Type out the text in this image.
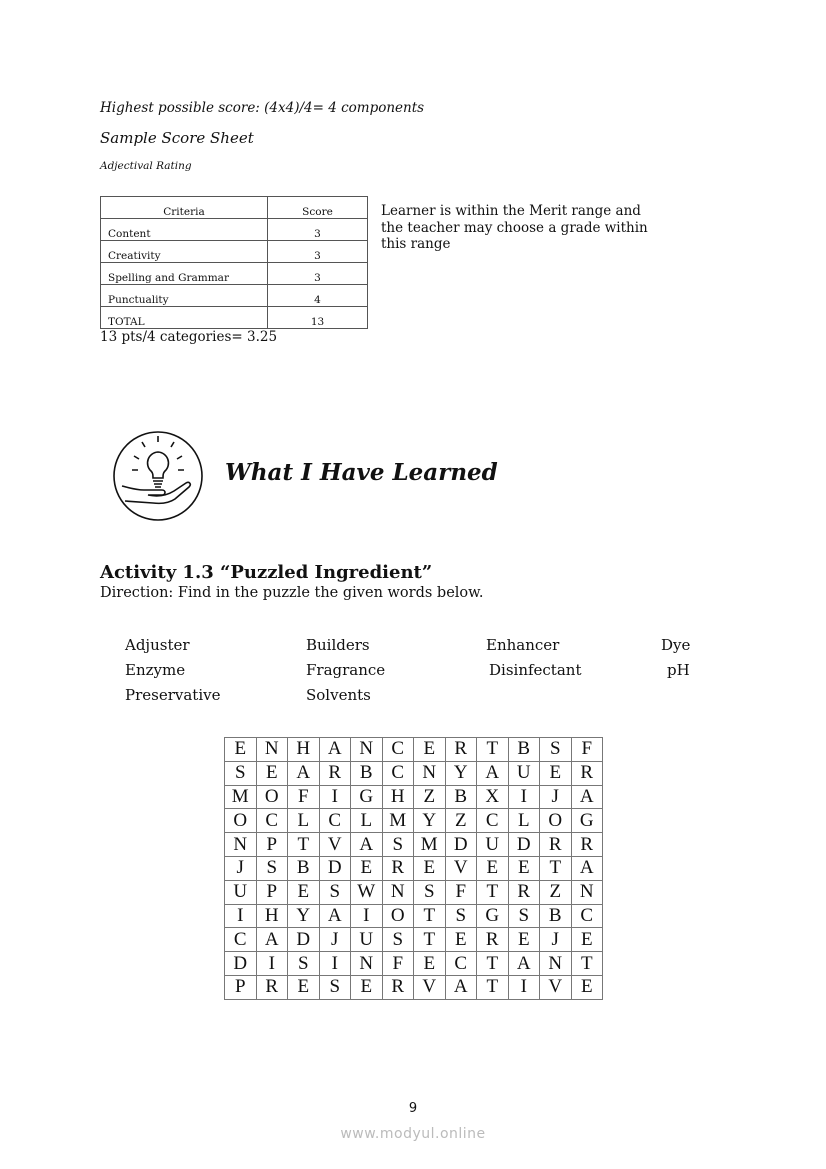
Highest possible score: (4x4)/4= 4 components
Sample Score Sheet
Adjectival Rating
Criteria	Score
Content	3
Creativity	3
Spelling and Grammar	3
Punctuality	4
TOTAL	13
13 pts/4 categories= 3.25
Learner is within the Merit range and the teacher may choose a grade within this range
What I Have Learned
Activity 1.3 “Puzzled Ingredient”
Direction: Find in the puzzle the given words below.
Adjuster	Builders	Enhancer	Dye
Enzyme	Fragrance	Disinfectant	pH
Preservative	Solvents
E	N	H	A	N	C	E	R	T	B	S	F
S	E	A	R	B	C	N	Y	A	U	E	R
M	O	F	I	G	H	Z	B	X	I	J	A
O	C	L	C	L	M	Y	Z	C	L	O	G
N	P	T	V	A	S	M	D	U	D	R	R
J	S	B	D	E	R	E	V	E	E	T	A
U	P	E	S	W	N	S	F	T	R	Z	N
I	H	Y	A	I	O	T	S	G	S	B	C
C	A	D	J	U	S	T	E	R	E	J	E
D	I	S	I	N	F	E	C	T	A	N	T
P	R	E	S	E	R	V	A	T	I	V	E
9
www.modyul.online
